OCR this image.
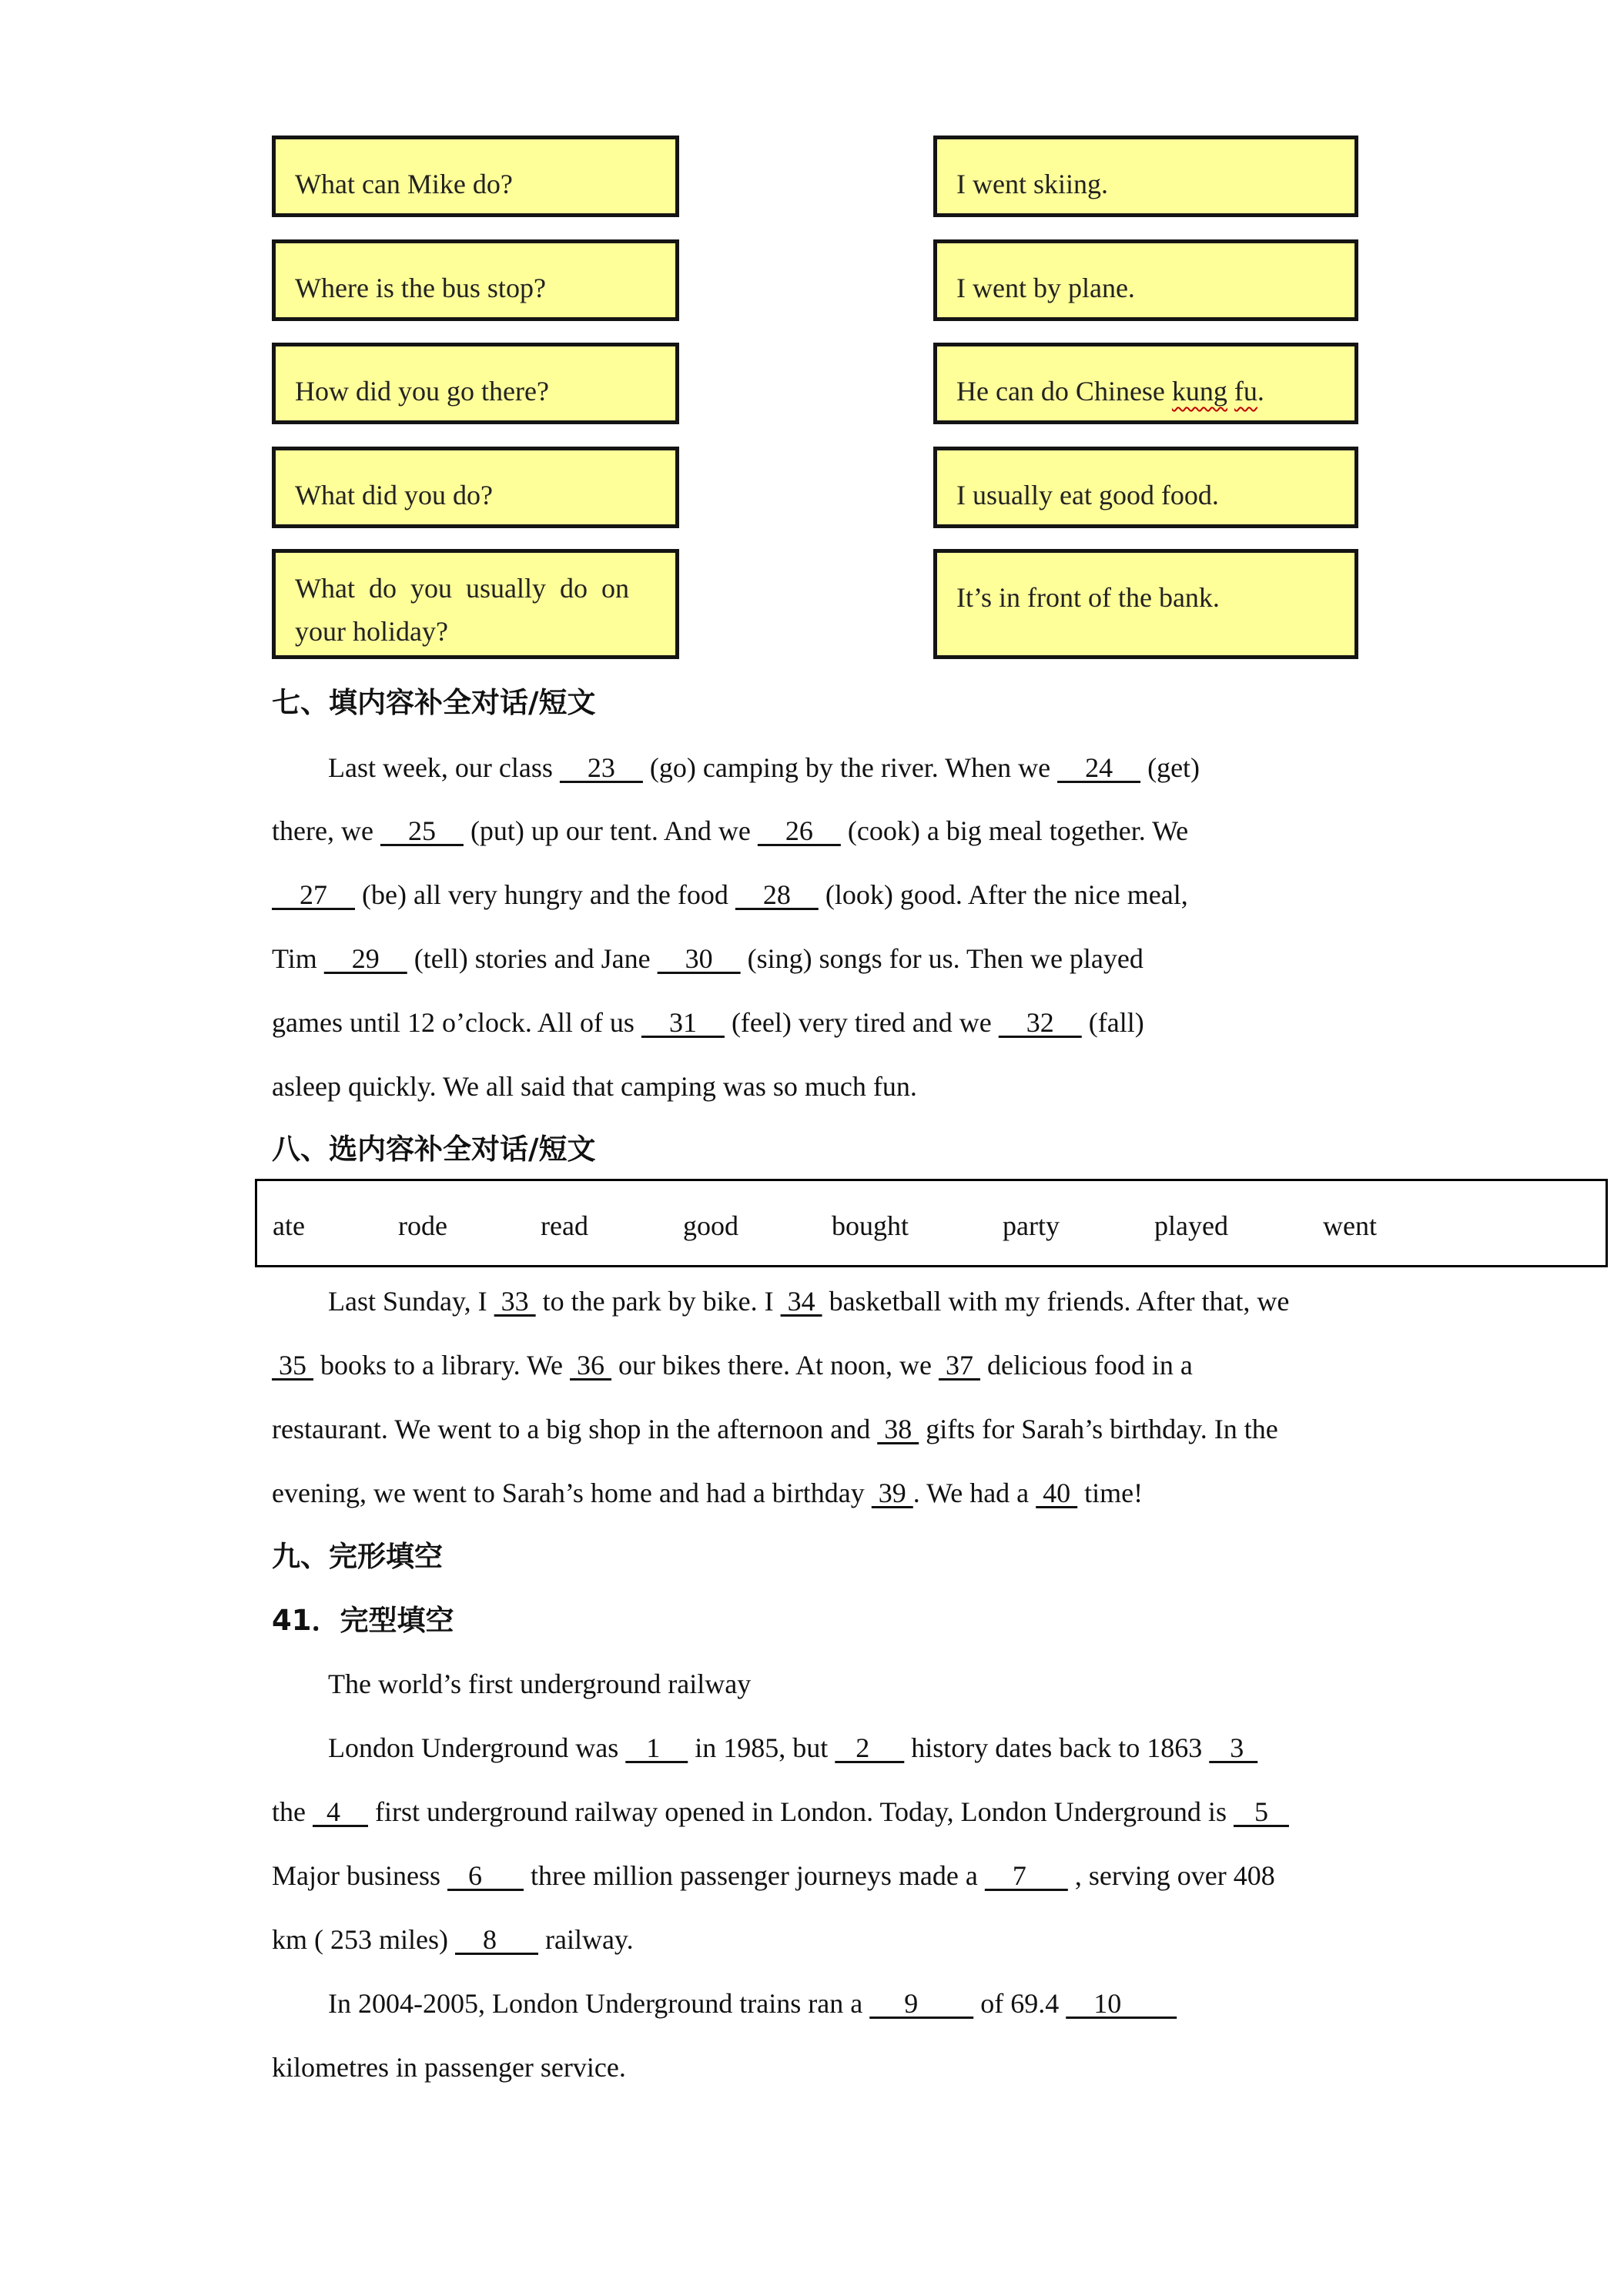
What can Mike do?
Where is the bus stop?
How did you go there?
What did you do?
What  do  you  usually  do  on
your holiday?
I went skiing.
I went by plane.
He can do Chinese kung fu.
I usually eat good food.
It’s in front of the bank.
七、填内容补全对话/短文
Last week, our class     23     (go) camping by the river. When we     24     (get)
there, we     25     (put) up our tent. And we     26     (cook) a big meal together. We
27     (be) all very hungry and the food     28     (look) good. After the nice meal,
Tim     29     (tell) stories and Jane     30     (sing) songs for us. Then we played
games until 12 o’clock. All of us     31     (feel) very tired and we     32     (fall)
asleep quickly. We all said that camping was so much fun.
八、选内容补全对话/短文
ate	rode	read	good	bought	party	played	went
Last Sunday, I  33  to the park by bike. I  34  basketball with my friends. After that, we
35  books to a library. We  36  our bikes there. At noon, we  37  delicious food in a
restaurant. We went to a big shop in the afternoon and  38  gifts for Sarah’s birthday. In the
evening, we went to Sarah’s home and had a birthday  39 . We had a  40  time!
九、完形填空
41．完型填空
The world’s first underground railway
London Underground was    1     in 1985, but    2      history dates back to 1863    3
the   4     first underground railway opened in London. Today, London Underground is    5
Major business    6       three million passenger journeys made a     7       , serving over 408
km ( 253 miles)     8       railway.
In 2004-2005, London Underground trains ran a      9         of 69.4     10
kilometres in passenger service.
